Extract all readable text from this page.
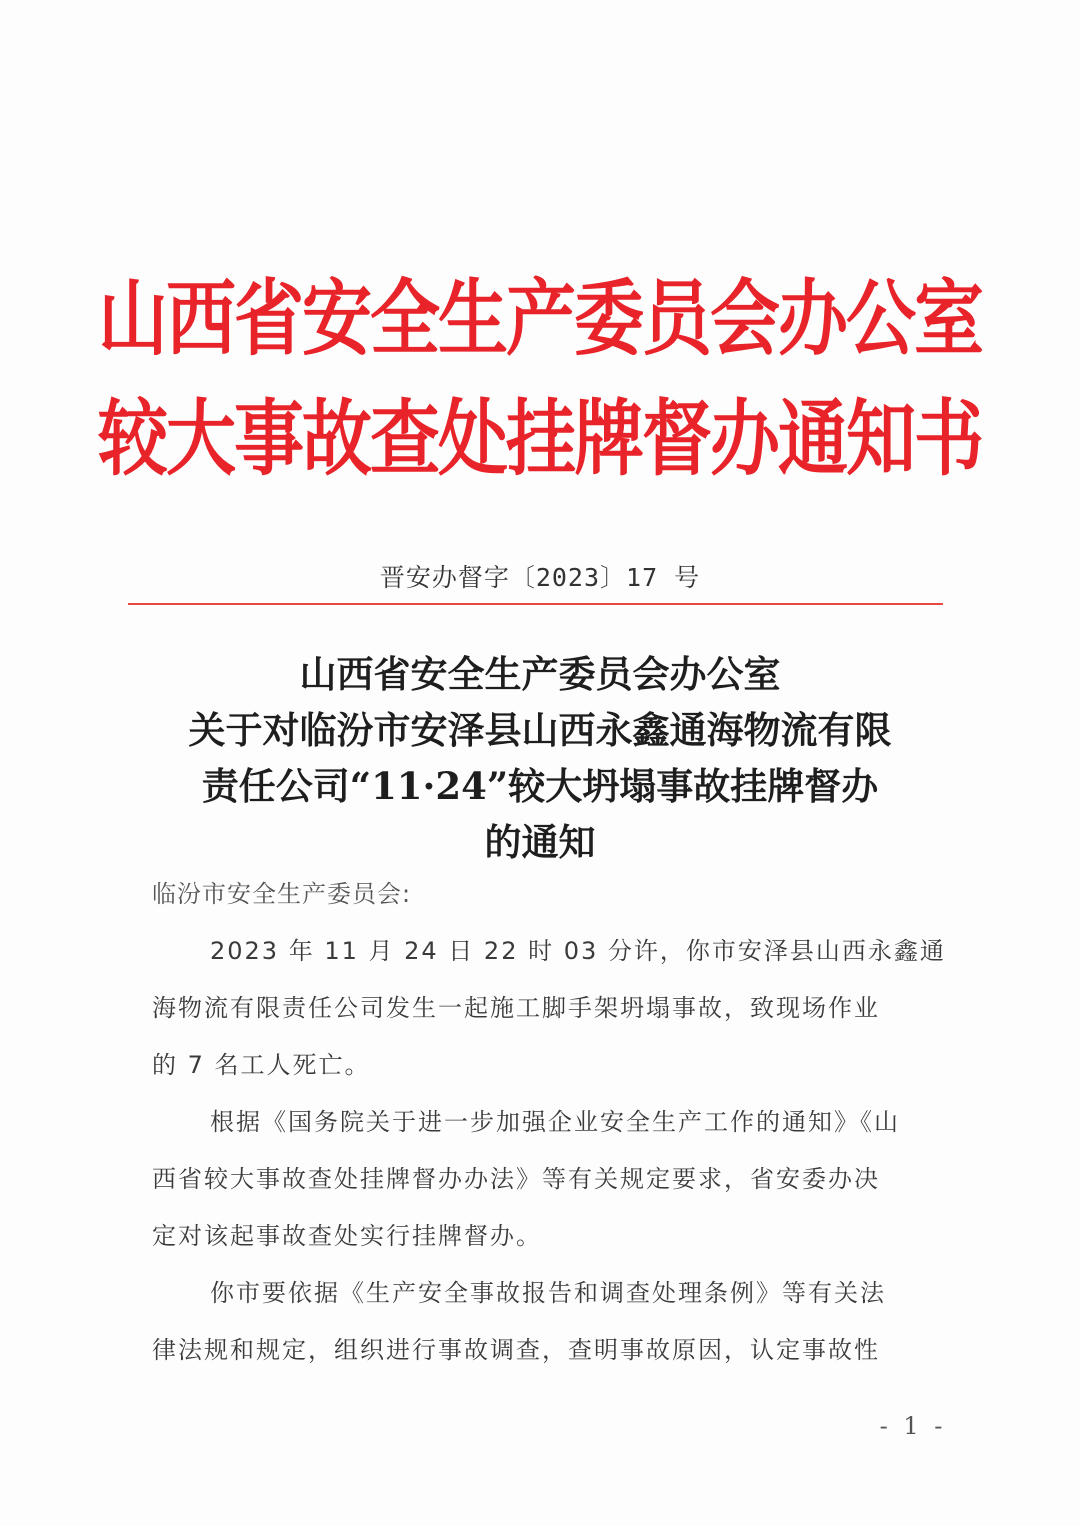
山西省安全生产委员会办公室
较大事故查处挂牌督办通知书
晋安办督字〔2023〕17 号
山西省安全生产委员会办公室
关于对临汾市安泽县山西永鑫通海物流有限
责任公司“11·24”较大坍塌事故挂牌督办
的通知
临汾市安全生产委员会:
2023 年 11 月 24 日 22 时 03 分许，你市安泽县山西永鑫通
海物流有限责任公司发生一起施工脚手架坍塌事故，致现场作业
的 7 名工人死亡。
根据《国务院关于进一步加强企业安全生产工作的通知》《山
西省较大事故查处挂牌督办办法》等有关规定要求，省安委办决
定对该起事故查处实行挂牌督办。
你市要依据《生产安全事故报告和调查处理条例》等有关法
律法规和规定，组织进行事故调查，查明事故原因，认定事故性
- 1 -
